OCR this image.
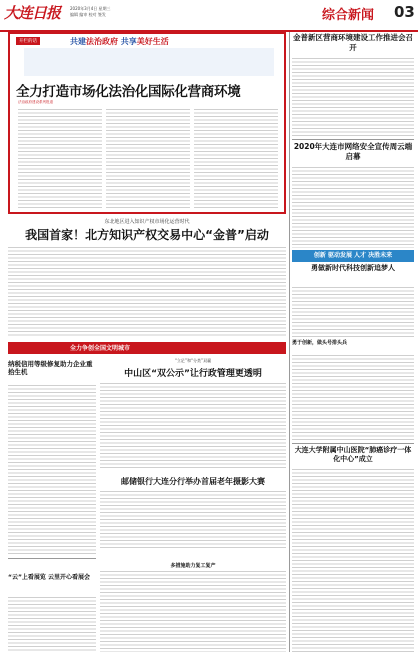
大连日报 2020年3月4日 星期三
编辑 编审 校对 签发	综合新闻 03
开栏的话	共建法治政府 共享美好生活
全力打造市场化法治化国际化营商环境
法治政府建设系列报道
金普新区营商环境建设工作推进会召开
2020年大连市网络安全宣传周云端启幕
创新 驱动发展 人才 决胜未来
勇做新时代科技创新追梦人
勇于创新，做头号排头兵
大连大学附属中山医院“肺癌诊疗一体化中心”成立
东北地区进入知识产权市场化运营时代
我国首家！北方知识产权交易中心“金普”启动
全力争创全国文明城市
纳税信用等级修复助力企业重拾生机
“立足”和“分类”双赢
中山区“双公示”让行政管理更透明
邮储银行大连分行举办首届老年摄影大赛
“云”上看展览 云里开心看展会
多措施助力复工复产
